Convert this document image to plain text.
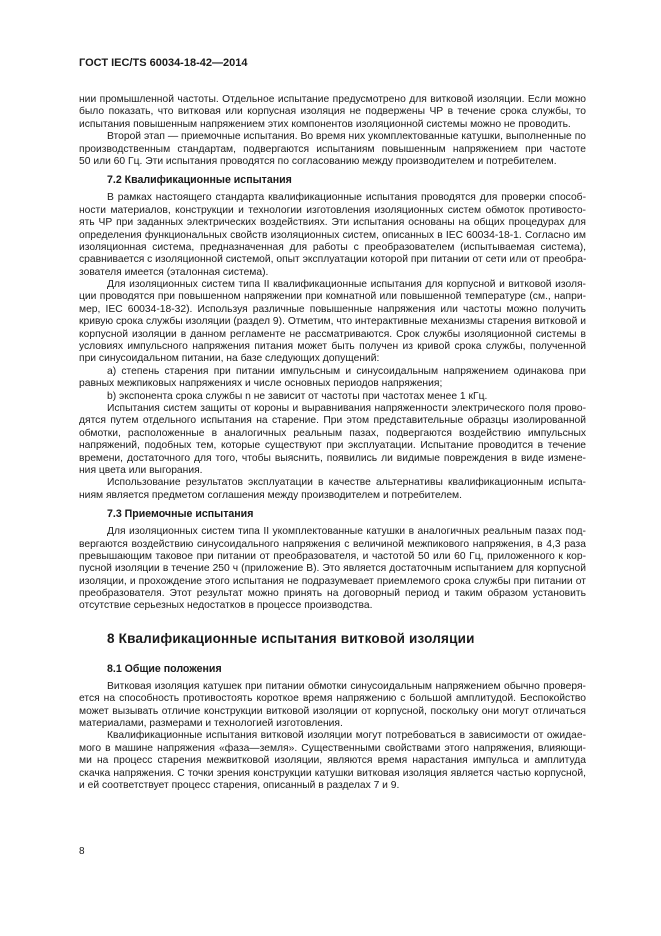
ГОСТ IEC/TS 60034-18-42—2014
нии промышленной частоты. Отдельное испытание предусмотрено для витковой изоляции. Если можно
было показать, что витковая или корпусная изоляция не подвержены ЧР в течение срока службы, то
испытания повышенным напряжением этих компонентов изоляционной системы можно не проводить.
Второй этап — приемочные испытания. Во время них укомплектованные катушки, выполненные по
производственным стандартам, подвергаются испытаниям повышенным напряжением при частоте
50 или 60 Гц. Эти испытания проводятся по согласованию между производителем и потребителем.
7.2 Квалификационные испытания
В рамках настоящего стандарта квалификационные испытания проводятся для проверки способ-
ности материалов, конструкции и технологии изготовления изоляционных систем обмоток противосто-
ять ЧР при заданных электрических воздействиях. Эти испытания основаны на общих процедурах для
определения функциональных свойств изоляционных систем, описанных в IEC 60034-18-1. Согласно им
изоляционная система, предназначенная для работы с преобразователем (испытываемая система),
сравнивается с изоляционной системой, опыт эксплуатации которой при питании от сети или от преобра-
зователя имеется (эталонная система).
Для изоляционных систем типа II квалификационные испытания для корпусной и витковой изоля-
ции проводятся при повышенном напряжении при комнатной или повышенной температуре (см., напри-
мер, IEC 60034-18-32). Используя различные повышенные напряжения или частоты можно получить
кривую срока службы изоляции (раздел 9). Отметим, что интерактивные механизмы старения витковой и
корпусной изоляции в данном регламенте не рассматриваются. Срок службы изоляционной системы в
условиях импульсного напряжения питания может быть получен из кривой срока службы, полученной
при синусоидальном питании, на базе следующих допущений:
a) степень старения при питании импульсным и синусоидальным напряжением одинакова при
равных межпиковых напряжениях и числе основных периодов напряжения;
b) экспонента срока службы n не зависит от частоты при частотах менее 1 кГц.
Испытания систем защиты от короны и выравнивания напряженности электрического поля прово-
дятся путем отдельного испытания на старение. При этом представительные образцы изолированной
обмотки, расположенные в аналогичных реальным пазах, подвергаются воздействию импульсных
напряжений, подобных тем, которые существуют при эксплуатации. Испытание проводится в течение
времени, достаточного для того, чтобы выяснить, появились ли видимые повреждения в виде измене-
ния цвета или выгорания.
Использование результатов эксплуатации в качестве альтернативы квалификационным испыта-
ниям является предметом соглашения между производителем и потребителем.
7.3 Приемочные испытания
Для изоляционных систем типа II укомплектованные катушки в аналогичных реальным пазах под-
вергаются воздействию синусоидального напряжения с величиной межпикового напряжения, в 4,3 раза
превышающим таковое при питании от преобразователя, и частотой 50 или 60 Гц, приложенного к кор-
пусной изоляции в течение 250 ч (приложение В). Это является достаточным испытанием для корпусной
изоляции, и прохождение этого испытания не подразумевает приемлемого срока службы при питании от
преобразователя. Этот результат можно принять на договорный период и таким образом установить
отсутствие серьезных недостатков в процессе производства.
8 Квалификационные испытания витковой изоляции
8.1 Общие положения
Витковая изоляция катушек при питании обмотки синусоидальным напряжением обычно проверя-
ется на способность противостоять короткое время напряжению с большой амплитудой. Беспокойство
может вызывать отличие конструкции витковой изоляции от корпусной, поскольку они могут отличаться
материалами, размерами и технологией изготовления.
Квалификационные испытания витковой изоляции могут потребоваться в зависимости от ожидае-
мого в машине напряжения «фаза—земля». Существенными свойствами этого напряжения, влияющи-
ми на процесс старения межвитковой изоляции, являются время нарастания импульса и амплитуда
скачка напряжения. С точки зрения конструкции катушки витковая изоляция является частью корпусной,
и ей соответствует процесс старения, описанный в разделах 7 и 9.
8
